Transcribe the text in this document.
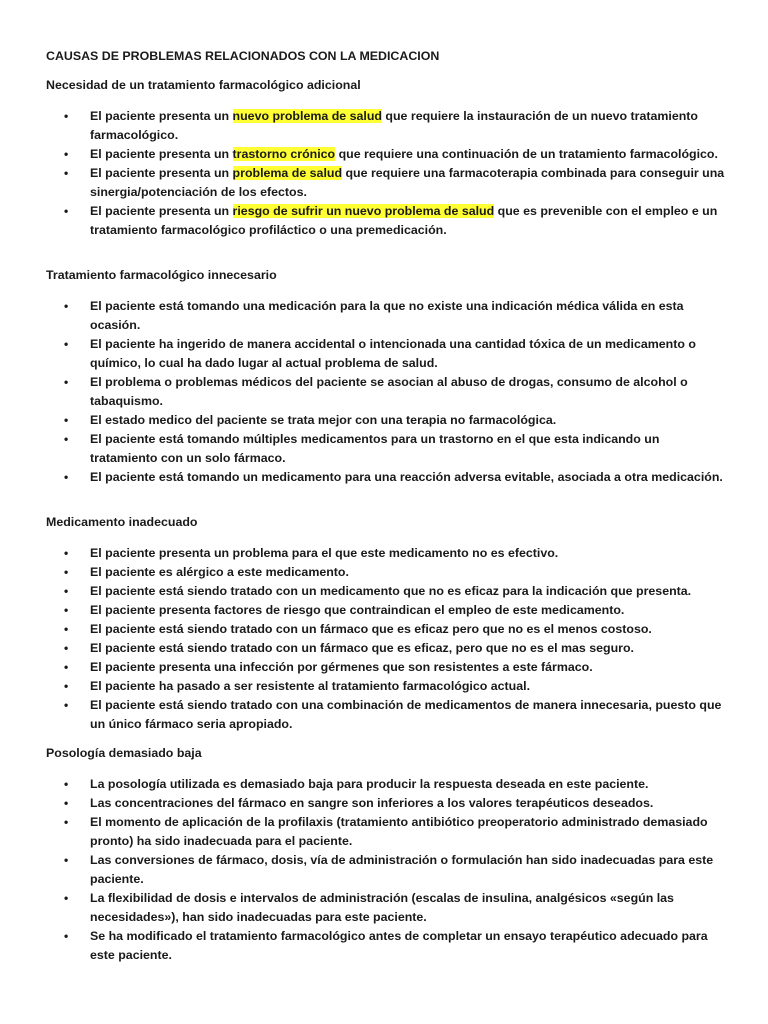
CAUSAS DE PROBLEMAS RELACIONADOS CON LA MEDICACION

Necesidad de un tratamiento farmacológico adicional

• El paciente presenta un nuevo problema de salud que requiere la instauración de un nuevo tratamiento farmacológico.
• El paciente presenta un trastorno crónico que requiere una continuación de un tratamiento farmacológico.
• El paciente presenta un problema de salud que requiere una farmacoterapia combinada para conseguir una sinergia/potenciación de los efectos.
• El paciente presenta un riesgo de sufrir un nuevo problema de salud que es prevenible con el empleo e un tratamiento farmacológico profiláctico o una premedicación.

Tratamiento farmacológico innecesario

• El paciente está tomando una medicación para la que no existe una indicación médica válida en esta ocasión.
• El paciente ha ingerido de manera accidental o intencionada una cantidad tóxica de un medicamento o químico, lo cual ha dado lugar al actual problema de salud.
• El problema o problemas médicos del paciente se asocian al abuso de drogas, consumo de alcohol o tabaquismo.
• El estado medico del paciente se trata mejor con una terapia no farmacológica.
• El paciente está tomando múltiples medicamentos para un trastorno en el que esta indicando un tratamiento con un solo fármaco.
• El paciente está tomando un medicamento para una reacción adversa evitable, asociada a otra medicación.

Medicamento inadecuado

• El paciente presenta un problema para el que este medicamento no es efectivo.
• El paciente es alérgico a este medicamento.
• El paciente está siendo tratado con un medicamento que no es eficaz para la indicación que presenta.
• El paciente presenta factores de riesgo que contraindican el empleo de este medicamento.
• El paciente está siendo tratado con un fármaco que es eficaz pero que no es el menos costoso.
• El paciente está siendo tratado con un fármaco que es eficaz, pero que no es el mas seguro.
• El paciente presenta una infección por gérmenes que son resistentes a este fármaco.
• El paciente ha pasado a ser resistente al tratamiento farmacológico actual.
• El paciente está siendo tratado con una combinación de medicamentos de manera innecesaria, puesto que un único fármaco seria apropiado.

Posología demasiado baja

• La posología utilizada es demasiado baja para producir la respuesta deseada en este paciente.
• Las concentraciones del fármaco en sangre son inferiores a los valores terapéuticos deseados.
• El momento de aplicación de la profilaxis (tratamiento antibiótico preoperatorio administrado demasiado pronto) ha sido inadecuada para el paciente.
• Las conversiones de fármaco, dosis, vía de administración o formulación han sido inadecuadas para este paciente.
• La flexibilidad de dosis e intervalos de administración (escalas de insulina, analgésicos «según las necesidades»), han sido inadecuadas para este paciente.
• Se ha modificado el tratamiento farmacológico antes de completar un ensayo terapéutico adecuado para este paciente.
